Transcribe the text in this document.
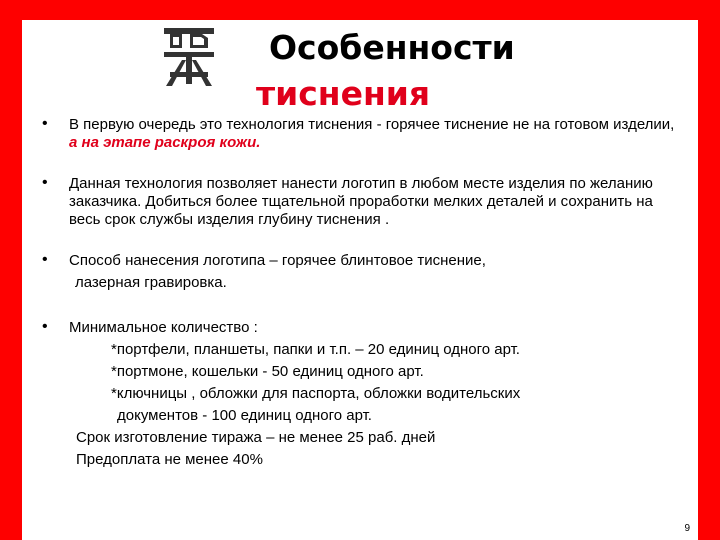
Особенности
тиснения
• В первую очередь это технология тиснения - горячее тиснение не на готовом изделии, а на этапе раскроя кожи.
• Данная технология позволяет нанести логотип в любом месте изделия по желанию заказчика. Добиться более тщательной проработки мелких деталей и сохранить на весь срок службы изделия глубину тиснения .
• Способ нанесения логотипа – горячее блинтовое тиснение,
лазерная гравировка.
• Минимальное количество :
*портфели, планшеты, папки и т.п. – 20 единиц одного арт.
*портмоне, кошельки - 50 единиц одного арт.
*ключницы , обложки для паспорта, обложки водительских
документов - 100 единиц одного арт.
Срок изготовление тиража – не менее 25 раб. дней
Предоплата не менее 40%
9
